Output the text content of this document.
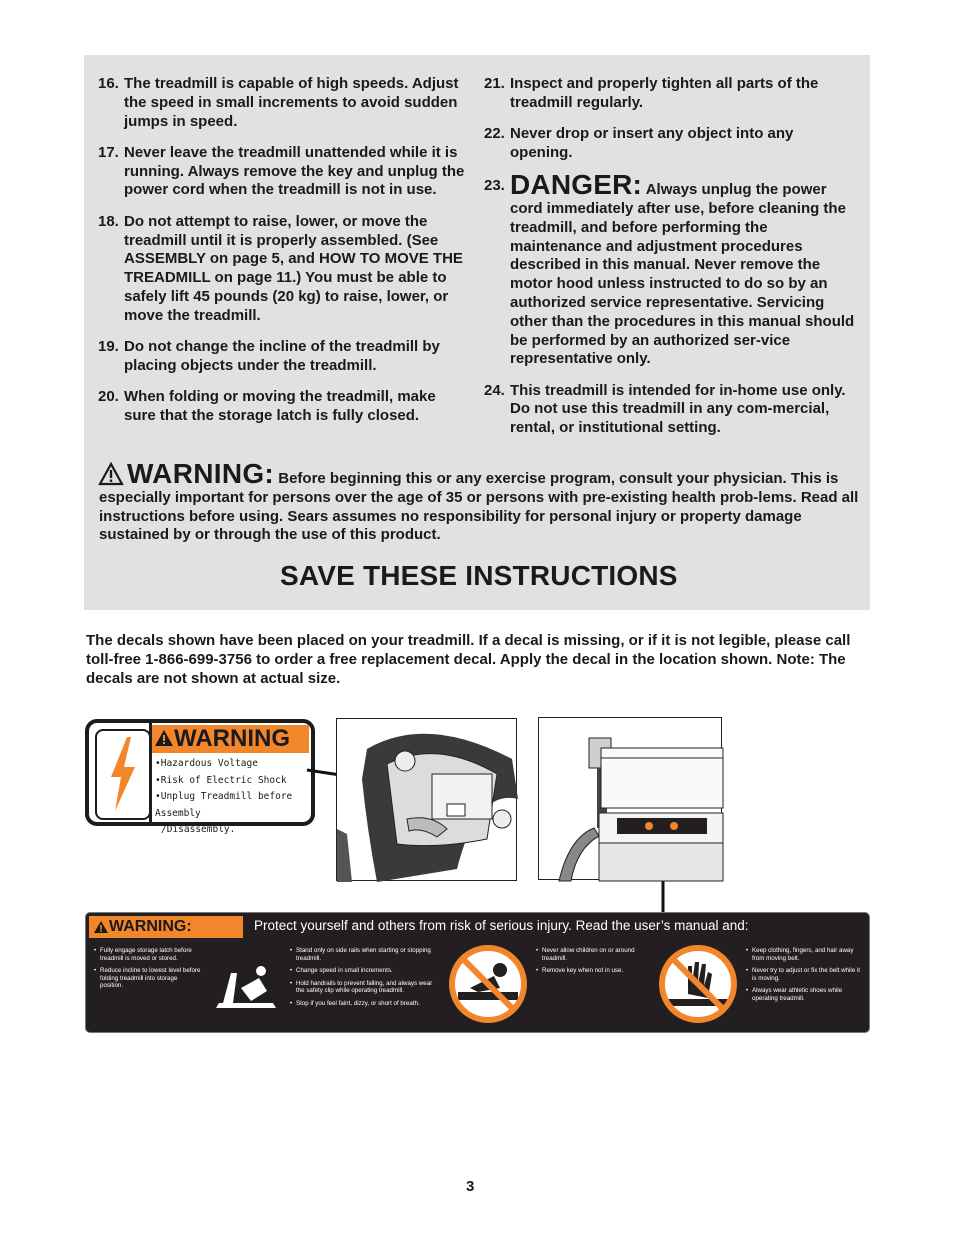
16. The treadmill is capable of high speeds. Adjust the speed in small increments to avoid sudden jumps in speed.
17. Never leave the treadmill unattended while it is running. Always remove the key and unplug the power cord when the treadmill is not in use.
18. Do not attempt to raise, lower, or move the treadmill until it is properly assembled. (See ASSEMBLY on page 5, and HOW TO MOVE THE TREADMILL on page 11.) You must be able to safely lift 45 pounds (20 kg) to raise, lower, or move the treadmill.
19. Do not change the incline of the treadmill by placing objects under the treadmill.
20. When folding or moving the treadmill, make sure that the storage latch is fully closed.
21. Inspect and properly tighten all parts of the treadmill regularly.
22. Never drop or insert any object into any opening.
23. DANGER: Always unplug the power cord immediately after use, before cleaning the treadmill, and before performing the maintenance and adjustment procedures described in this manual. Never remove the motor hood unless instructed to do so by an authorized service representative. Servicing other than the procedures in this manual should be performed by an authorized ser-vice representative only.
24. This treadmill is intended for in-home use only. Do not use this treadmill in any com-mercial, rental, or institutional setting.
WARNING: Before beginning this or any exercise program, consult your physician. This is especially important for persons over the age of 35 or persons with pre-existing health prob-lems. Read all instructions before using. Sears assumes no responsibility for personal injury or property damage sustained by or through the use of this product.
SAVE THESE INSTRUCTIONS
The decals shown have been placed on your treadmill. If a decal is missing, or if it is not legible, please call toll-free 1-866-699-3756 to order a free replacement decal. Apply the decal in the location shown. Note: The decals are not shown at actual size.
WARNING
•Hazardous Voltage
•Risk of Electric Shock
•Unplug Treadmill before Assembly
/Disassembly.
WARNING:	Protect yourself and others from risk of serious injury. Read the user’s manual and:
• Fully engage storage latch before treadmill is moved or stored.
• Reduce incline to lowest level before folding treadmill into storage position.
• Stand only on side rails when starting or stopping treadmill.
• Change speed in small increments.
• Hold handrails to prevent falling, and always wear the safety clip while operating treadmill.
• Stop if you feel faint, dizzy, or short of breath.
• Never allow children on or around treadmill.
• Remove key when not in use.
• Keep clothing, fingers, and hair away from moving belt.
• Never try to adjust or fix the belt while it is moving.
• Always wear athletic shoes while operating treadmill.
3
